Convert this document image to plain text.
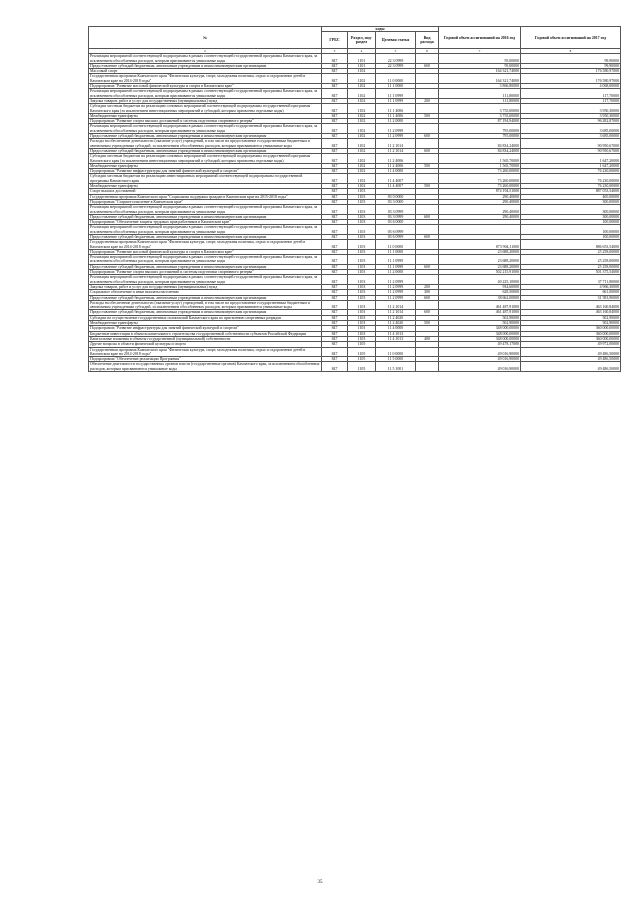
№	коды				Годовой объем ассигнований на 2016 год	Годовой объем ассигнований на 2017 год
	ГРБС	Раздел, под-раздел	Целевая статья	Вид расхода		
2	3	4	5	6	7	8
Реализация мероприятий соответствующей подпрограммы в рамках соответствующей государственной программы Камчатского края, за исключением обособленных расходов, которым присваиваются уникальные коды	847	1101	22 3 0999		95,00000	99,90000
Предоставление субсидий бюджетным, автономным учреждениям и иным некоммерческим организациям	847	1101	22 3 0999	600	95,00000	99,90000
Массовый спорт	847	1102			164 321,74000	176 580,97000
Государственная программа Камчатского края "Физическая культура, спорт, молодежная политика, отдых и оздоровление детей в Камчатском крае на 2014-2018 годы"	847	1102	11 0 0000		164 321,74000	176 580,97000
Подпрограмма "Развитие массовой физической культуры и спорта в Камчатском крае"	847	1102	11 1 0000		3 866,80000	4 068,00000
Реализация мероприятий соответствующей подпрограммы в рамках соответствующей государственной программы Камчатского края, за исключением обособленных расходов, которым присваиваются уникальные коды	847	1102	11 1 0999		111,80000	117,70000
Закупка товаров, работ и услуг для государственных (муниципальных) нужд	847	1102	11 1 0999	200	111,80000	117,70000
Субсидии местным бюджетам на реализацию основных мероприятий соответствующей подпрограммы государственной программы Камчатского края (за исключением инвестиционных мероприятий и субсидий, которым присвоены отдельные коды)	847	1102	11 1 4006		3 755,00000	3 950,30000
Межбюджетные трансферты	847	1102	11 1 4006	500	3 755,00000	3 950,30000
Подпрограмма "Развитие спорта высших достижений и системы подготовки спортивного резерва"	847	1102	11 2 0000		87 194,94000	96 282,87000
Реализация мероприятий соответствующей подпрограммы в рамках соответствующей государственной программы Камчатского края, за исключением обособленных расходов, которым присваиваются уникальные коды	847	1102	11 2 0999		795,00000	3 685,00000
Предоставление субсидий бюджетным, автономным учреждениям и иным некоммерческим организациям	847	1102	11 2 0999	600	795,00000	3 685,00000
Расходы на обеспечение деятельности (оказание услуг) учреждений, в том числе на предоставление государственным бюджетным и автономным учреждениям субсидий, за исключением обособленных расходов, которым присваиваются уникальные коды	847	1102	11 2 1014		84 834,24000	90 950,67000
Предоставление субсидий бюджетным, автономным учреждениям и иным некоммерческим организациям	847	1102	11 2 1014	600	84 834,24000	90 950,67000
Субсидии местным бюджетам на реализацию основных мероприятий соответствующей подпрограммы государственной программы Камчатского края (за исключением инвестиционных мероприятий и субсидий, которым присвоены отдельные коды)	847	1102	11 2 4006		1 565,70000	1 647,20000
Межбюджетные трансферты	847	1102	11 2 4006	500	1 565,70000	1 647,20000
Подпрограмма "Развитие инфраструктуры для занятий физической культурой и спортом"	847	1102	11 4 0000		73 260,00000	76 230,00000
Субсидии местным бюджетам на реализацию инвестиционных мероприятий соответствующей подпрограммы государственной программы Камчатского края	847	1102	11 4 4007		73 260,00000	76 230,00000
Межбюджетные трансферты	847	1102	11 4 4007	500	73 260,00000	76 230,00000
Спорт высших достижений	847	1103			874 194,51000	887 053,54000
Государственная программа Камчатского края "Социальная поддержка граждан в Камчатском крае на 2015-2018 годы"	847	1103	03 0 0000		290,40000	400,00000
Подпрограмма "Старшее поколение в Камчатском крае"	847	1103	03 3 0000		290,40000	300,00000
Реализация мероприятий соответствующей подпрограммы в рамках соответствующей государственной программы Камчатского края, за исключением обособленных расходов, которым присваиваются уникальные коды	847	1103	03 3 0999		290,40000	300,00000
Предоставление субсидий бюджетным, автономным учреждениям и иным некоммерческим организациям	847	1103	03 3 0999	600	290,40000	300,00000
Подпрограмма "Обеспечение защиты трудовых прав работников в Камчатском крае"	847	1103	03 6 0000			100,00000
Реализация мероприятий соответствующей подпрограммы в рамках соответствующей государственной программы Камчатского края, за исключением обособленных расходов, которым присваиваются уникальные коды	847	1103	03 6 0999			100,00000
Предоставление субсидий бюджетным, автономным учреждениям и иным некоммерческим организациям	847	1103	03 6 0999	600		100,00000
Государственная программа Камчатского края "Физическая культура, спорт, молодежная политика, отдых и оздоровление детей в Камчатском крае на 2014-2018 годы"	847	1103	11 0 0000		873 904,11000	886 653,54000
Подпрограмма "Развитие массовой физической культуры и спорта в Камчатском крае"	847	1103	11 1 0000		23 688,20000	25 258,00000
Реализация мероприятий соответствующей подпрограммы в рамках соответствующей государственной программы Камчатского края, за исключением обособленных расходов, которым присваиваются уникальные коды	847	1103	11 1 0999		23 688,20000	25 258,00000
Предоставление субсидий бюджетным, автономным учреждениям и иным некоммерческим организациям	847	1103	11 1 0999	600	23 688,20000	25 258,00000
Подпрограмма "Развитие спорта высших достижений и системы подготовки спортивного резерва"	847	1103	11 2 0000		502 215,91000	501 375,54000
Реализация мероприятий соответствующей подпрограммы в рамках соответствующей государственной программы Камчатского края, за исключением обособленных расходов, которым присваиваются уникальные коды	847	1103	11 2 0999		40 225,10000	37 711,80000
Закупка товаров, работ и услуг для государственных (муниципальных) нужд	847	1103	11 2 0999	200	934,60000	4 966,30000
Социальное обеспечение и иные выплаты населению	847	1103	11 2 0999	300	628,50000	661,00000
Предоставление субсидий бюджетным, автономным учреждениям и иным некоммерческим организациям	847	1103	11 2 0999	600	38 662,00000	31 583,90000
Расходы на обеспечение деятельности (оказание услуг) учреждений, в том числе на предоставление государственным бюджетным и автономным учреждениям субсидий, за исключением обособленных расходов, которым присваиваются уникальные коды	847	1103	11 2 1014		461 487,91000	463 160,84000
Предоставление субсидий бюджетным, автономным учреждениям и иным некоммерческим организациям	847	1103	11 2 1014	600	461 487,91000	463 160,84000
Субсидии на осуществление государственных полномочий Камчатского края по присвоению спортивных разрядов	847	1103	11 2 4020		502,90000	502,90000
Межбюджетные трансферты	847	1103	11 2 4020	500	502,90000	502,90000
Подпрограмма "Развитие инфраструктуры для занятий физической культурой и спортом"	847	1103	11 4 0000		348 000,00000	360 000,00000
Бюджетные инвестиции в объекты капитального строительства государственной собственности субъектов Российской Федерации	847	1103	11 4 1013		348 000,00000	360 000,00000
Капитальные вложения в объекты государственной (муниципальной) собственности	847	1103	11 4 1013	400	348 000,00000	360 000,00000
Другие вопросы в области физической культуры и спорта	847	1105			49 478,17000	49 972,00000
Государственная программа Камчатского края "Физическая культура, спорт, молодежная политика, отдых и оздоровление детей в Камчатском крае на 2014-2018 годы"	847	1105	11 0 0000		49 016,90000	49 486,50000
Подпрограмма "Обеспечение реализации Программы"	847	1105	11 5 0000		49 016,90000	49 486,50000
Обеспечение деятельности государственных органов власти (государственных органов) Камчатского края, за исключением обособленных расходов, которым присваиваются уникальные коды	847	1105	11 5 1001		49 016,90000	49 486,50000
35
